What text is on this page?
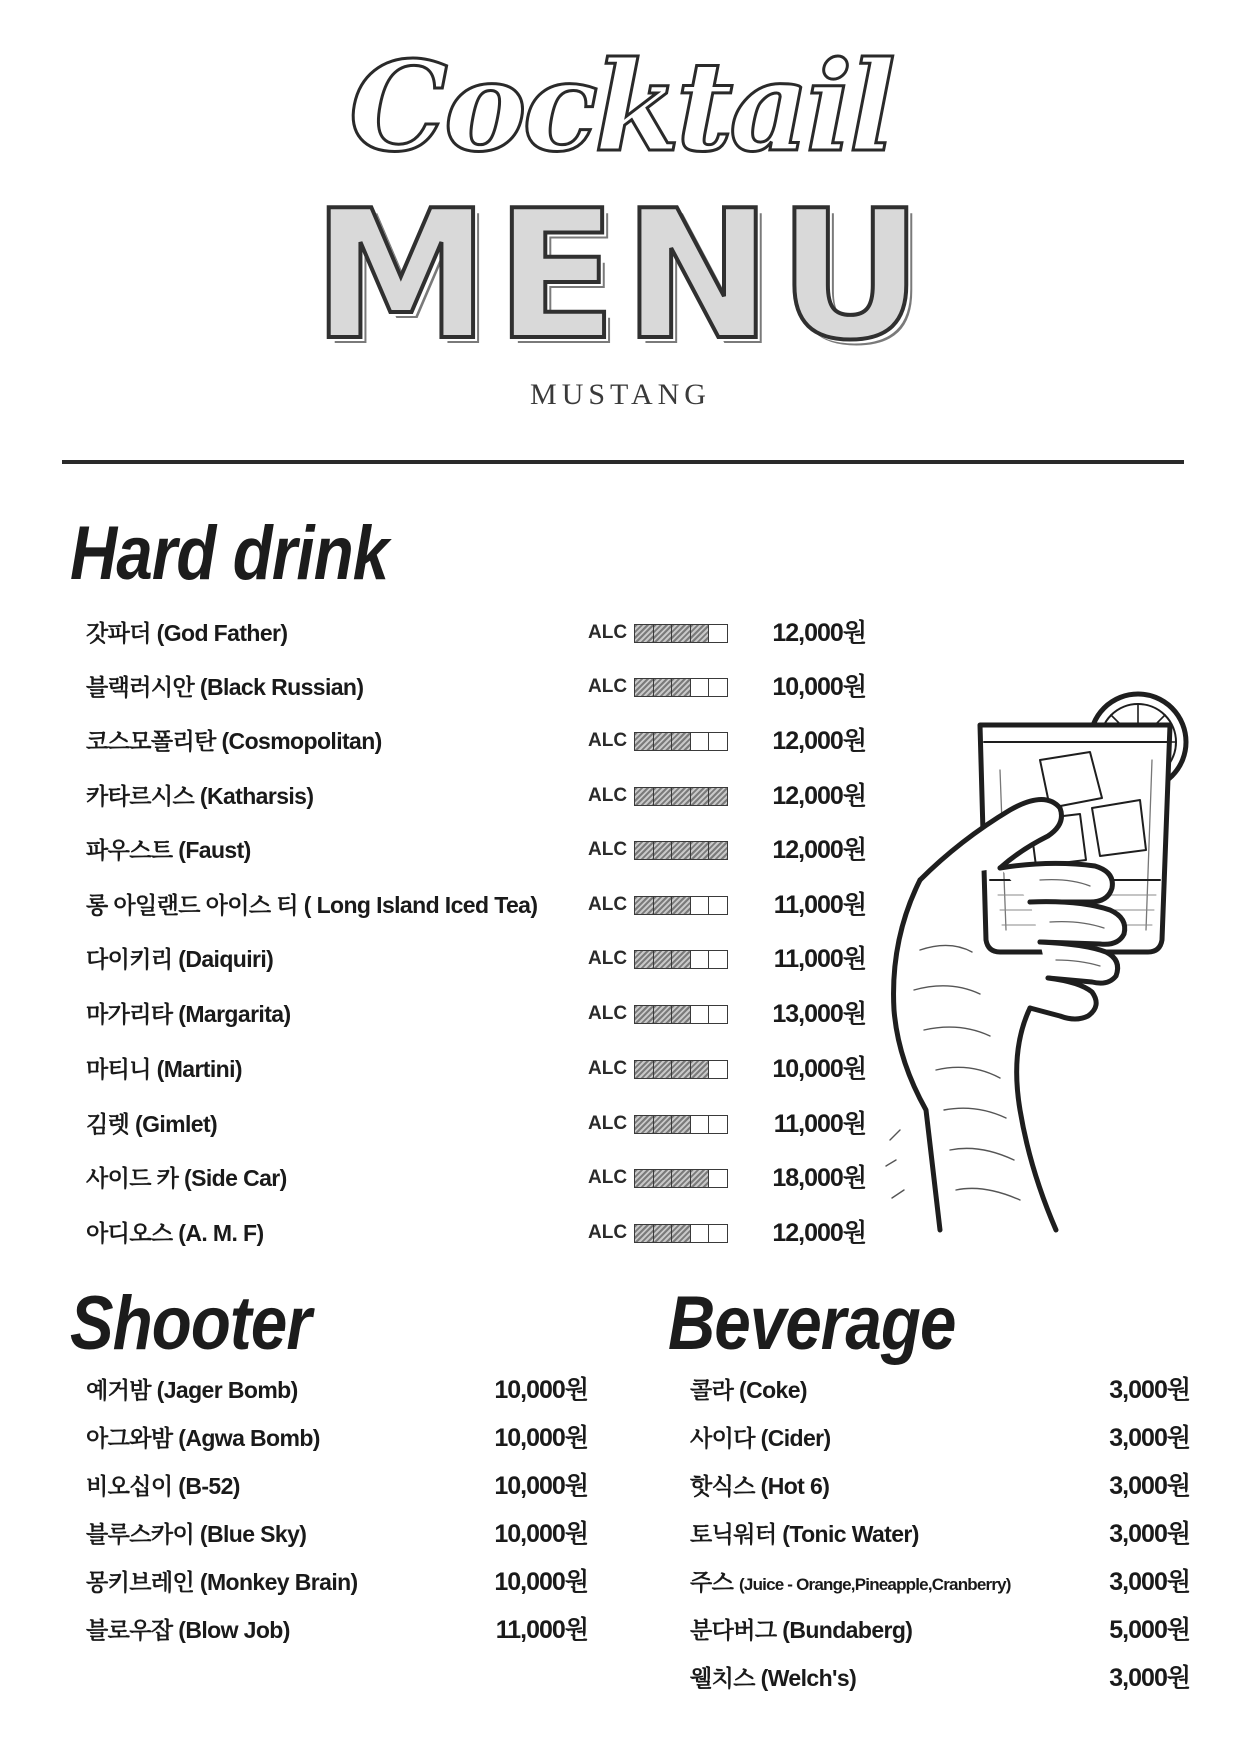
Cocktail
MENU
MUSTANG
Hard drink
Shooter	Beverage
갓파더 (God Father)	ALC	12,000원
블랙러시안 (Black Russian)	ALC	10,000원
코스모폴리탄 (Cosmopolitan)	ALC	12,000원
카타르시스 (Katharsis)	ALC	12,000원
파우스트 (Faust)	ALC	12,000원
롱 아일랜드 아이스 티 ( Long Island Iced Tea)	ALC	11,000원
다이키리 (Daiquiri)	ALC	11,000원
마가리타 (Margarita)	ALC	13,000원
마티니 (Martini)	ALC	10,000원
김렛 (Gimlet)	ALC	11,000원
사이드 카 (Side Car)	ALC	18,000원
아디오스 (A. M. F)	ALC	12,000원
예거밤 (Jager Bomb)	10,000원
아그와밤 (Agwa Bomb)	10,000원
비오십이 (B-52)	10,000원
블루스카이 (Blue Sky)	10,000원
몽키브레인 (Monkey Brain)	10,000원
블로우잡 (Blow Job)	11,000원
콜라 (Coke)	3,000원
사이다 (Cider)	3,000원
핫식스 (Hot 6)	3,000원
토닉워터 (Tonic Water)	3,000원
주스 (Juice - Orange,Pineapple,Cranberry)	3,000원
분다버그 (Bundaberg)	5,000원
웰치스 (Welch's)	3,000원
